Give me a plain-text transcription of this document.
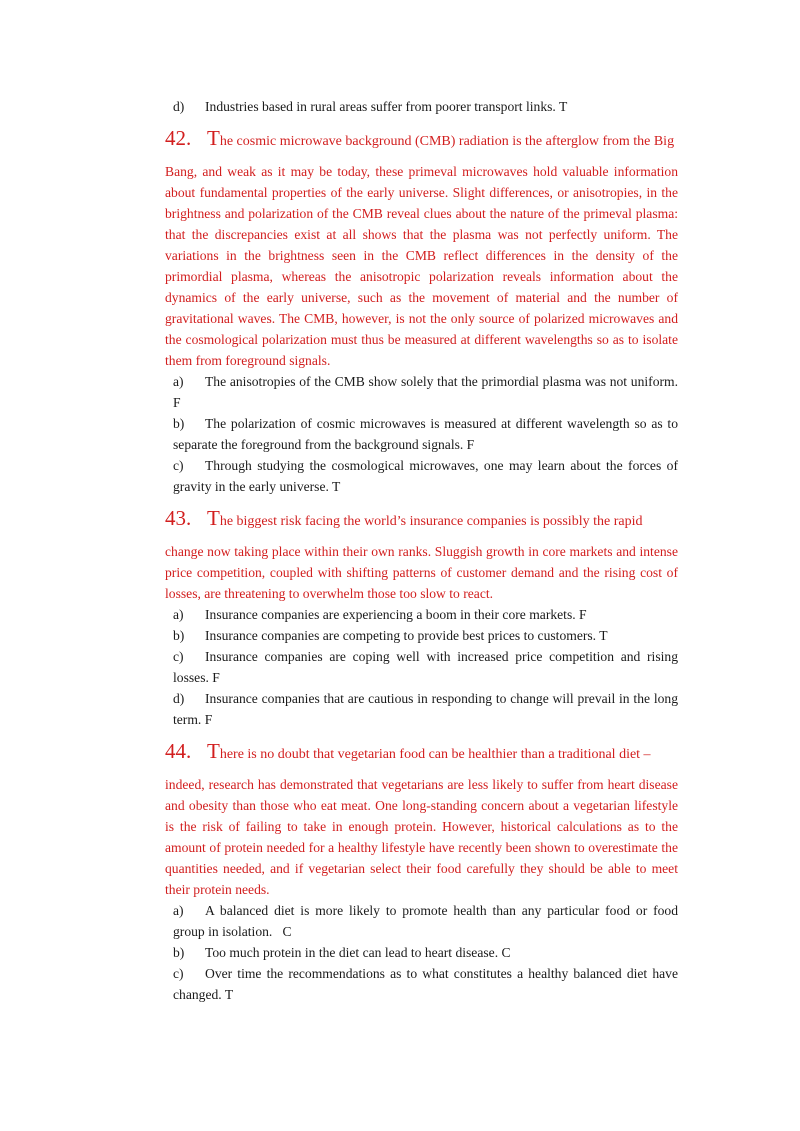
d) Industries based in rural areas suffer from poorer transport links. T

42. The cosmic microwave background (CMB) radiation is the afterglow from the Big

Bang, and weak as it may be today, these primeval microwaves hold valuable information about fundamental properties of the early universe. Slight differences, or anisotropies, in the brightness and polarization of the CMB reveal clues about the nature of the primeval plasma: that the discrepancies exist at all shows that the plasma was not perfectly uniform. The variations in the brightness seen in the CMB reflect differences in the density of the primordial plasma, whereas the anisotropic polarization reveals information about the dynamics of the early universe, such as the movement of material and the number of gravitational waves. The CMB, however, is not the only source of polarized microwaves and the cosmological polarization must thus be measured at different wavelengths so as to isolate them from foreground signals.

a) The anisotropies of the CMB show solely that the primordial plasma was not uniform. F

b) The polarization of cosmic microwaves is measured at different wavelength so as to separate the foreground from the background signals. F

c) Through studying the cosmological microwaves, one may learn about the forces of gravity in the early universe. T

43. The biggest risk facing the world’s insurance companies is possibly the rapid

change now taking place within their own ranks. Sluggish growth in core markets and intense price competition, coupled with shifting patterns of customer demand and the rising cost of losses, are threatening to overwhelm those too slow to react.

a) Insurance companies are experiencing a boom in their core markets. F

b) Insurance companies are competing to provide best prices to customers. T

c) Insurance companies are coping well with increased price competition and rising losses. F

d) Insurance companies that are cautious in responding to change will prevail in the long term. F

44. There is no doubt that vegetarian food can be healthier than a traditional diet –

indeed, research has demonstrated that vegetarians are less likely to suffer from heart disease and obesity than those who eat meat. One long-standing concern about a vegetarian lifestyle is the risk of failing to take in enough protein. However, historical calculations as to the amount of protein needed for a healthy lifestyle have recently been shown to overestimate the quantities needed, and if vegetarian select their food carefully they should be able to meet their protein needs.

a) A balanced diet is more likely to promote health than any particular food or food group in isolation.   C

b) Too much protein in the diet can lead to heart disease. C

c) Over time the recommendations as to what constitutes a healthy balanced diet have changed. T
